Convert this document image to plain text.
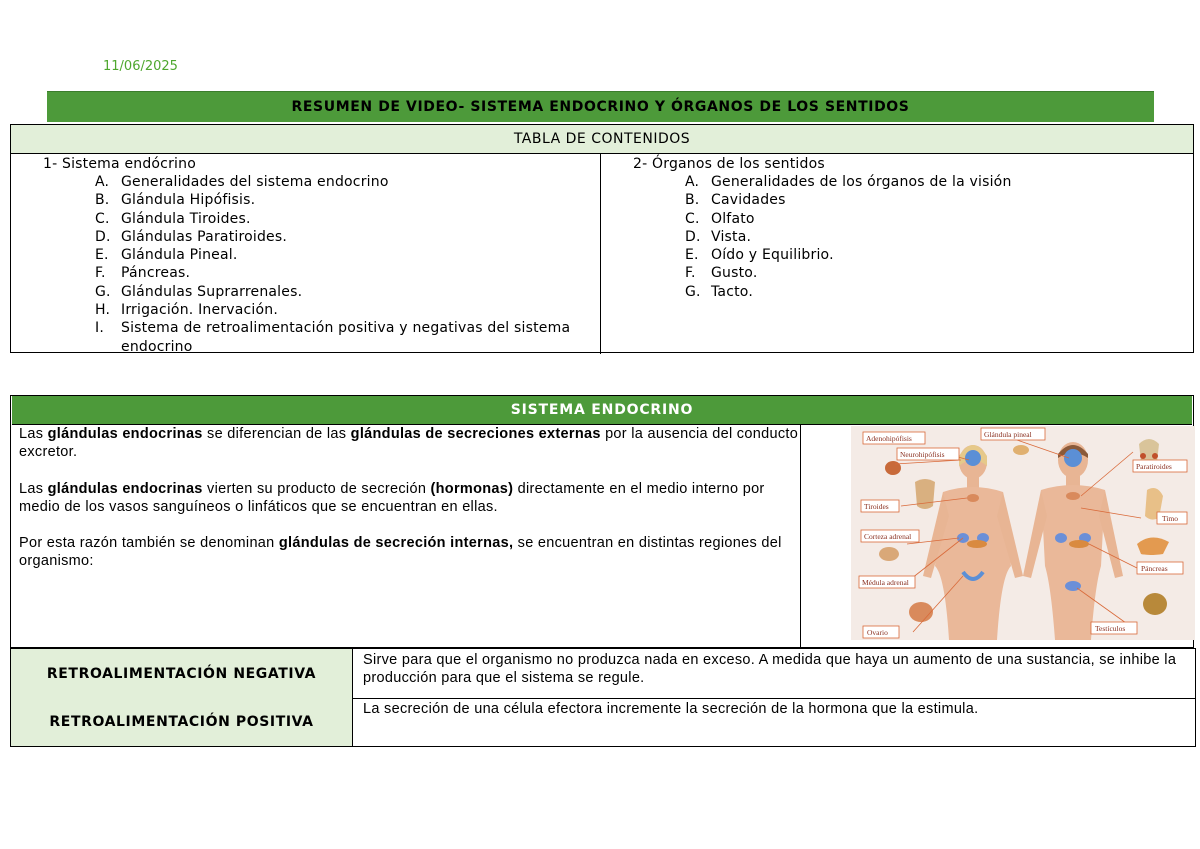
11/06/2025
RESUMEN DE VIDEO- SISTEMA ENDOCRINO Y ÓRGANOS DE LOS SENTIDOS
TABLA DE CONTENIDOS
1- Sistema endócrino
A. Generalidades del sistema endocrino
B. Glándula Hipófisis.
C. Glándula Tiroides.
D. Glándulas Paratiroides.
E. Glándula Pineal.
F.	Páncreas.
G. Glándulas Suprarrenales.
H. Irrigación. Inervación.
I.	Sistema de retroalimentación positiva y negativas del sistema endocrino
2- Órganos de los sentidos
A. Generalidades de los órganos de la visión
B. Cavidades
C. Olfato
D. Vista.
E. Oído y Equilibrio.
F.	Gusto.
G. Tacto.
SISTEMA ENDOCRINO

Las glándulas endocrinas se diferencian de las glándulas de secreciones externas por la ausencia del conducto excretor.

Las glándulas endocrinas vierten su producto de secreción (hormonas) directamente en el medio interno por medio de los vasos sanguíneos o linfáticos que se encuentran en ellas.

Por esta razón también se denominan glándulas de secreción internas, se encuentran en distintas regiones del organismo:

Adenohipófisis
Neurohipófisis
Glándula pineal
Paratiroides
Tiroides
Timo
Corteza adrenal
Páncreas
Médula adrenal
Ovario	Testículos
RETROALIMENTACIÓN NEGATIVA
Sirve para que el organismo no produzca nada en exceso. A medida que haya un aumento de una sustancia, se inhibe la producción para que el sistema se regule.
RETROALIMENTACIÓN POSITIVA
La secreción de una célula efectora incremente la secreción de la hormona que la estimula.
